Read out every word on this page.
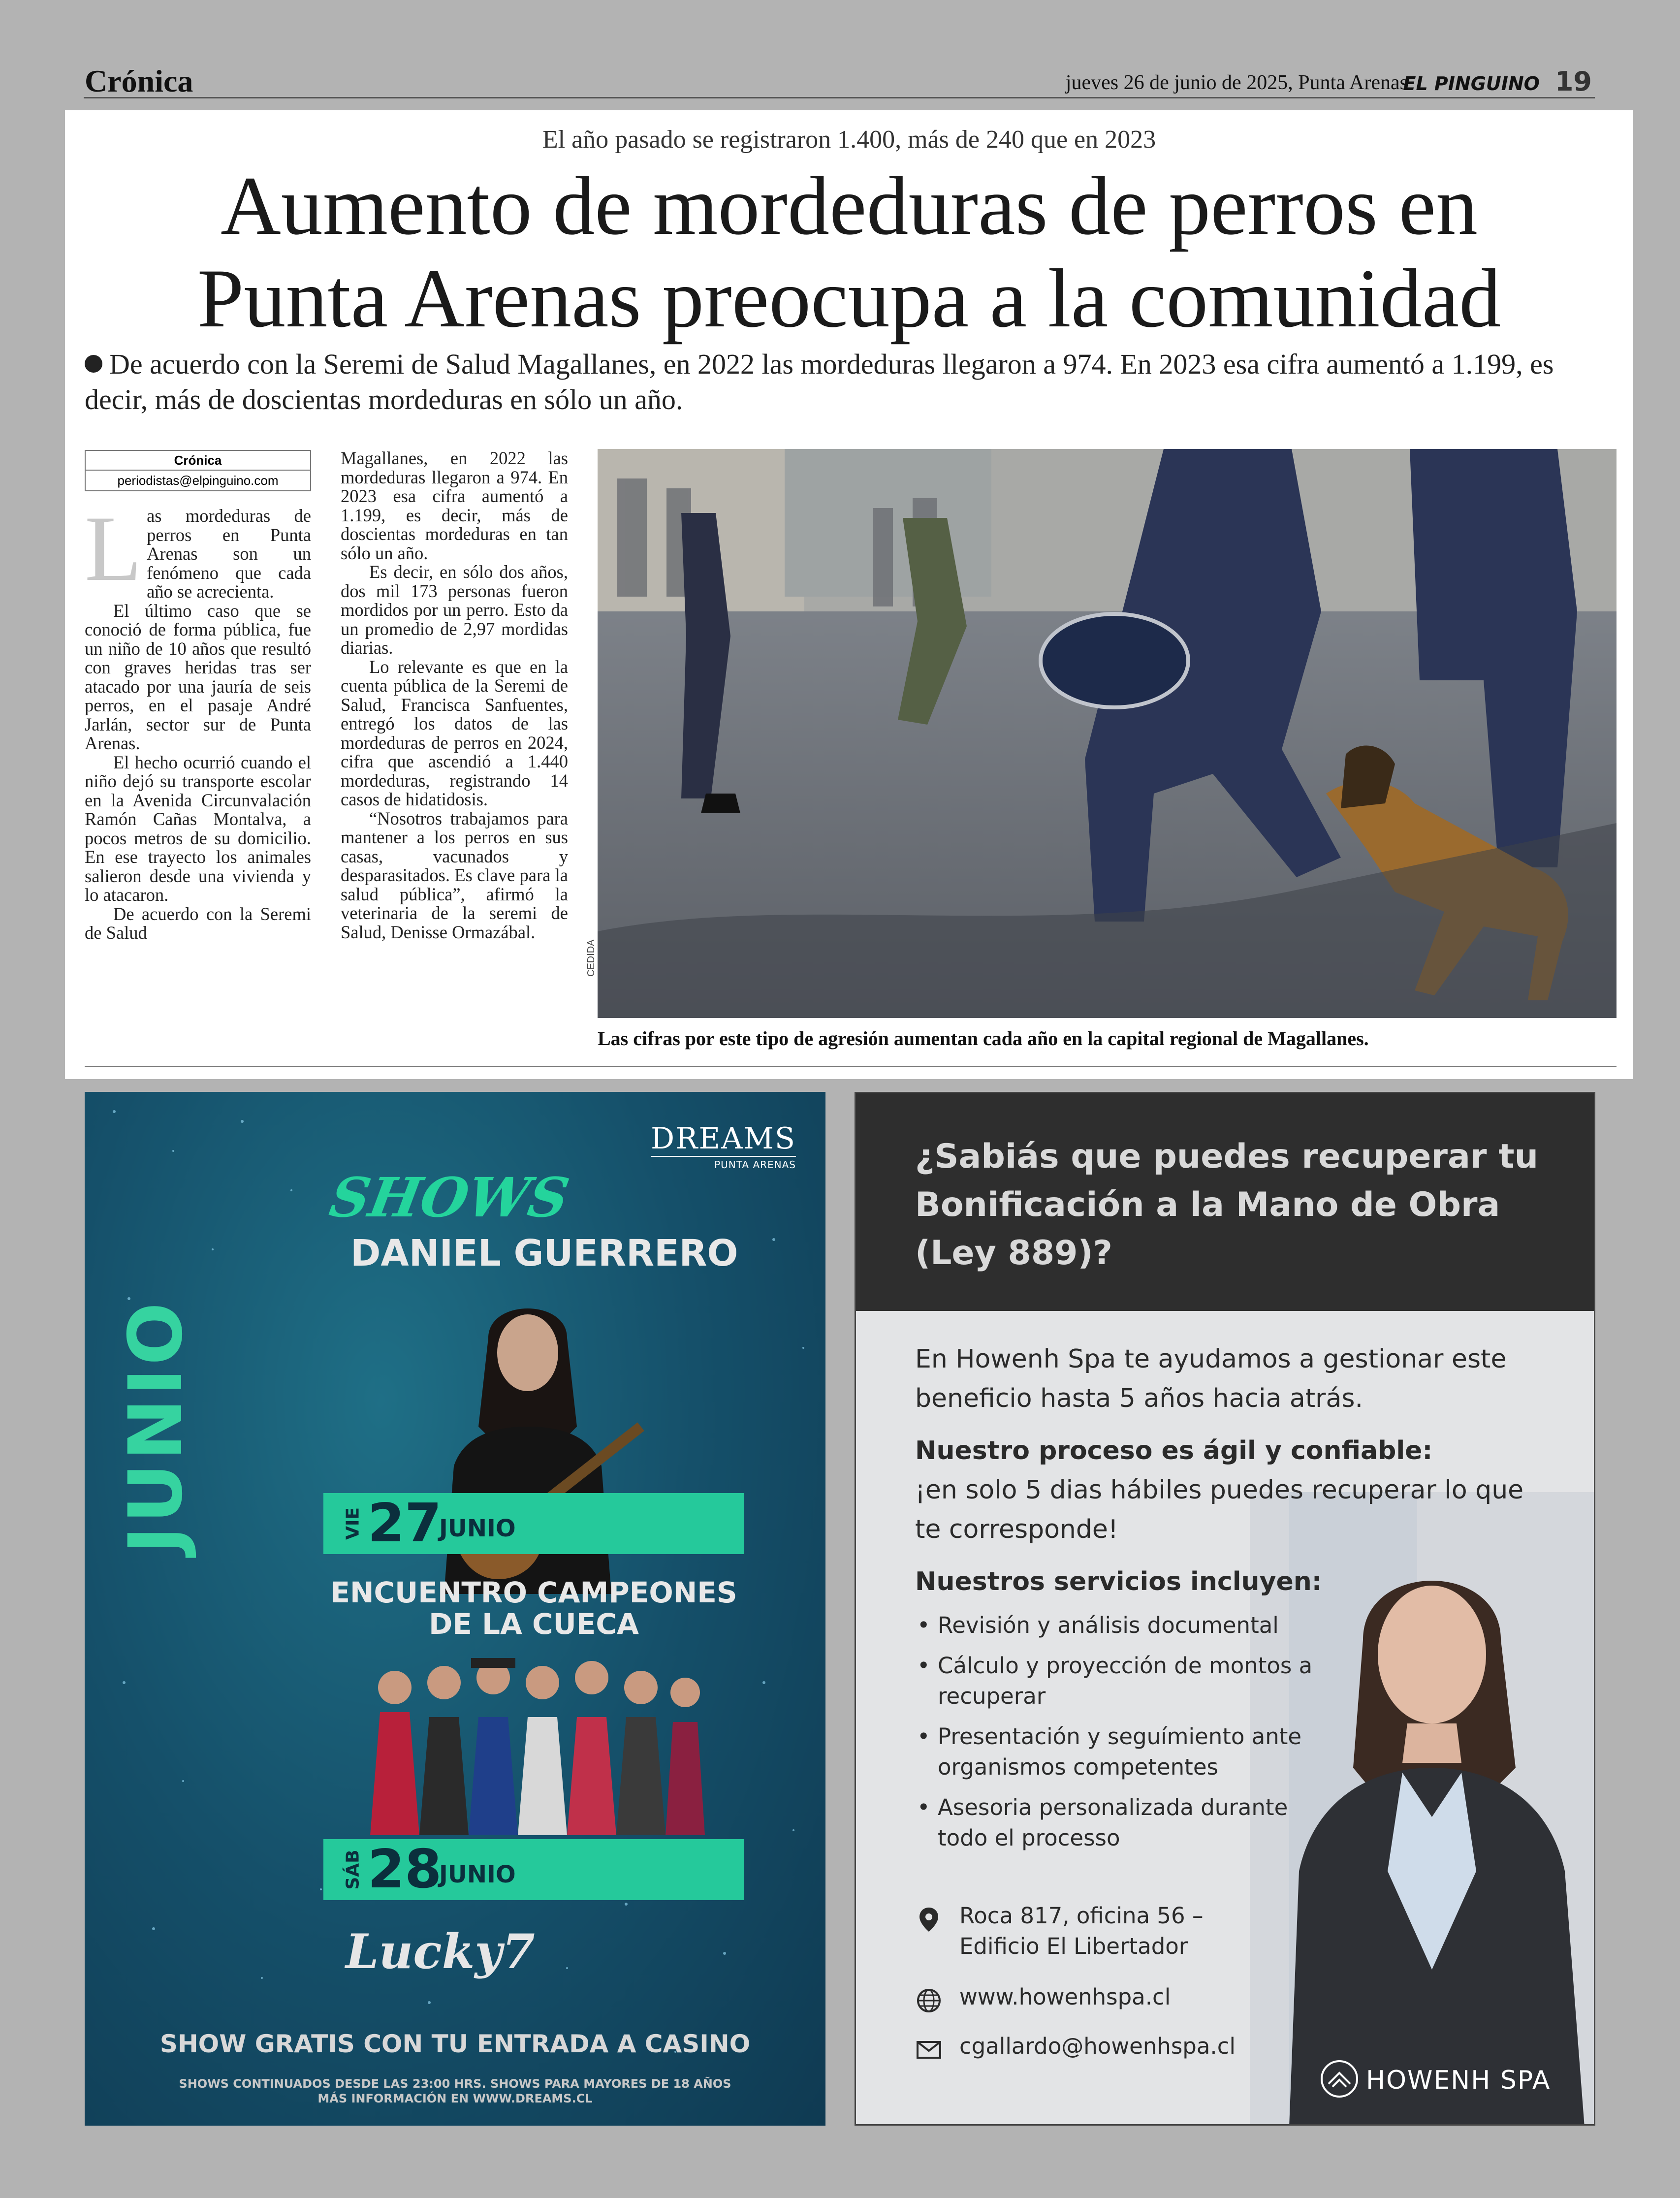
Crónica	jueves 26 de junio de 2025, Punta Arenas
EL PINGUINO 19
El año pasado se registraron 1.400, más de 240 que en 2023
Aumento de mordeduras de perros en
Punta Arenas preocupa a la comunidad
De acuerdo con la Seremi de Salud Magallanes, en 2022 las mordeduras llegaron a 974. En 2023 esa cifra aumentó a 1.199, es decir, más de doscientas mordeduras en sólo un año.
Crónica
periodistas@elpinguino.com

Las mordeduras de perros en Punta Arenas son un fenómeno que cada año se acrecienta.

El último caso que se conoció de forma pública, fue un niño de 10 años que resultó con graves heridas tras ser atacado por una jauría de seis perros, en el pasaje André Jarlán, sector sur de Punta Arenas.

El hecho ocurrió cuando el niño dejó su transporte escolar en la Avenida Circunvalación Ramón Cañas Montalva, a pocos metros de su domicilio. En ese trayecto los animales salieron desde una vivienda y lo atacaron.

De acuerdo con la Seremi de Salud

Magallanes, en 2022 las mordeduras llegaron a 974. En 2023 esa cifra aumentó a 1.199, es decir, más de doscientas mordeduras en tan sólo un año.

Es decir, en sólo dos años, dos mil 173 personas fueron mordidos por un perro. Esto da un promedio de 2,97 mordidas diarias.

Lo relevante es que en la cuenta pública de la Seremi de Salud, Francisca Sanfuentes, entregó los datos de las mordeduras de perros en 2024, cifra que ascendió a 1.440 mordeduras, registrando 14 casos de hidatidosis.

“Nosotros trabajamos para mantener a los perros en sus casas, vacunados y desparasitados. Es clave para la salud pública”, afirmó la veterinaria de la seremi de Salud, Denisse Ormazábal.

CEDIDA
Las cifras por este tipo de agresión aumentan cada año en la capital regional de Magallanes.
DREAMS
PUNTA ARENAS
JUNIO
SHOWS
DANIEL GUERRERO
VIE 27
JUNIO
ENCUENTRO CAMPEONES
DE LA CUECA
SÁB 28
JUNIO
Lucky7
SHOW GRATIS CON TU ENTRADA A CASINO
SHOWS CONTINUADOS DESDE LAS 23:00 HRS. SHOWS PARA MAYORES DE 18 AÑOS
MÁS INFORMACIÓN EN WWW.DREAMS.CL
¿Sabiás que puedes recuperar tu Bonificación a la Mano de Obra (Ley 889)?
En Howenh Spa te ayudamos a gestionar este beneficio hasta 5 años hacia atrás.
Nuestro proceso es ágil y confiable:
¡en solo 5 dias hábiles puedes recuperar lo que te corresponde!
Nuestros servicios incluyen:
• Revisión y análisis documental
• Cálculo y proyección de montos a recuperar
• Presentación y seguímiento ante organismos competentes
• Asesoria personalizada durante todo el processo
Roca 817, oficina 56 –
Edificio El Libertador
www.howenhspa.cl
cgallardo@howenhspa.cl
HOWENH SPA
